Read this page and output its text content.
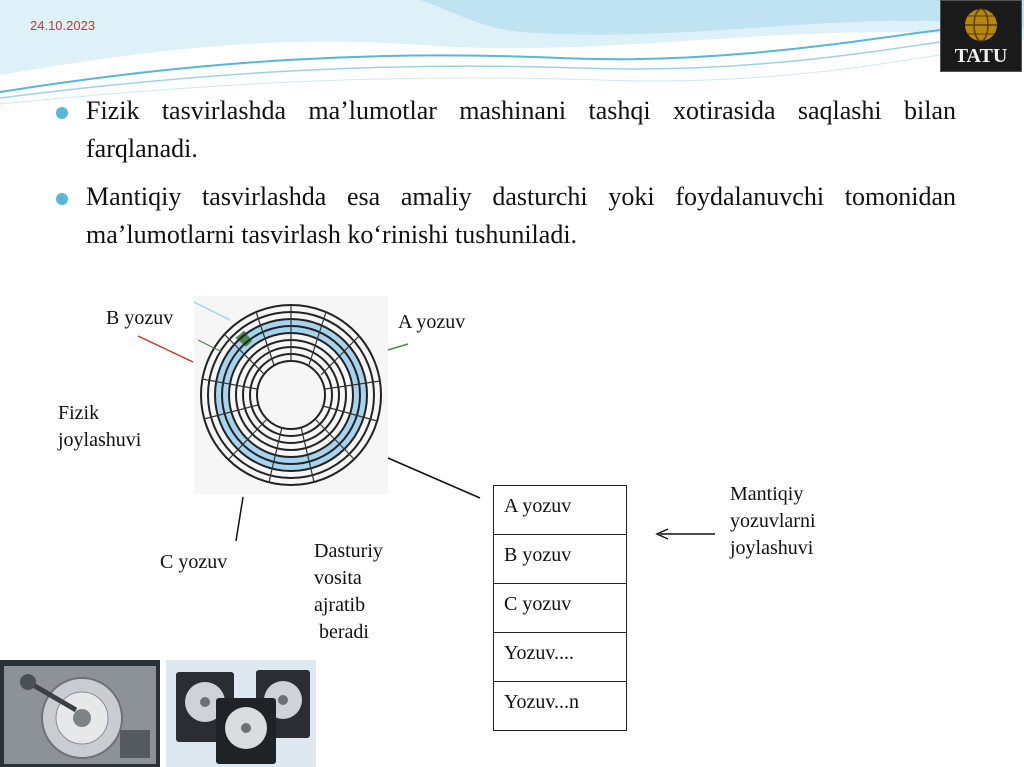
24.10.2023
TATU
Fizik tasvirlashda ma’lumotlar mashinani tashqi xotirasida saqlashi bilan farqlanadi.
Mantiqiy tasvirlashda esa amaliy dasturchi yoki foydalanuvchi tomonidan ma’lumotlarni tasvirlash ko‘rinishi tushuniladi.
B yozuv	A yozuv
Fizik
joylashuvi
C yozuv	Dasturiy
vosita
ajratib
beradi
Mantiqiy
yozuvlarni
joylashuvi
A yozuv
B yozuv
C yozuv
Yozuv....
Yozuv...n
